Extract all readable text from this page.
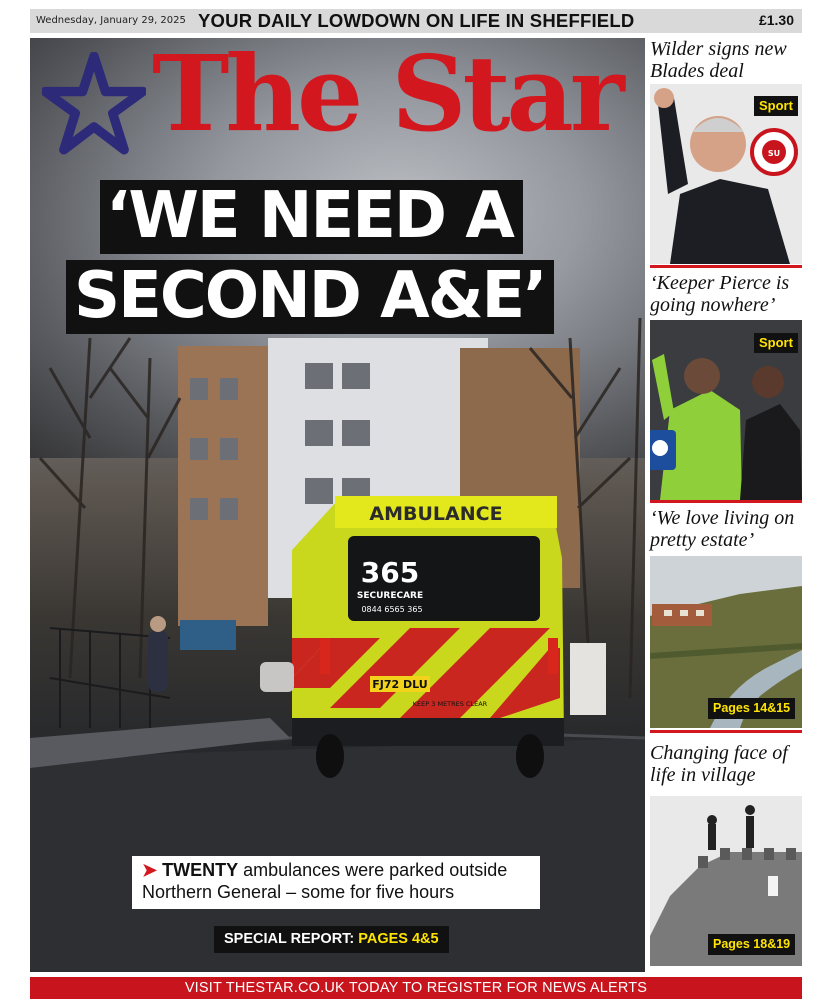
Wednesday, January 29, 2025 YOUR DAILY LOWDOWN ON LIFE IN SHEFFIELD	£1.30
AMBULANCE
365
SECURECARE
0844 6565 365
FJ72 DLU
KEEP 3 METRES CLEAR
The Star
‘WE NEED A
SECOND A&E’
➤ TWENTY ambulances were parked outside
Northern General – some for five hours
SPECIAL REPORT: PAGES 4&5
Wilder signs new Blades deal
SU
Sport
‘Keeper Pierce is going nowhere’
Sport
‘We love living on pretty estate’
Pages 14&15
Changing face of life in village
Pages 18&19
VISIT THESTAR.CO.UK TODAY TO REGISTER FOR NEWS ALERTS
